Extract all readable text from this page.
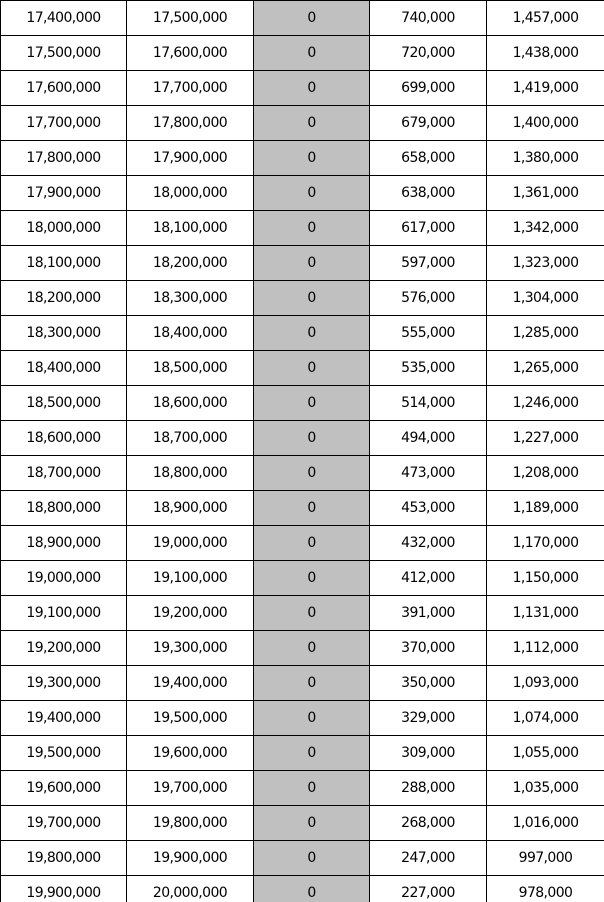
17,400,000	17,500,000	0	740,000	1,457,000
17,500,000	17,600,000	0	720,000	1,438,000
17,600,000	17,700,000	0	699,000	1,419,000
17,700,000	17,800,000	0	679,000	1,400,000
17,800,000	17,900,000	0	658,000	1,380,000
17,900,000	18,000,000	0	638,000	1,361,000
18,000,000	18,100,000	0	617,000	1,342,000
18,100,000	18,200,000	0	597,000	1,323,000
18,200,000	18,300,000	0	576,000	1,304,000
18,300,000	18,400,000	0	555,000	1,285,000
18,400,000	18,500,000	0	535,000	1,265,000
18,500,000	18,600,000	0	514,000	1,246,000
18,600,000	18,700,000	0	494,000	1,227,000
18,700,000	18,800,000	0	473,000	1,208,000
18,800,000	18,900,000	0	453,000	1,189,000
18,900,000	19,000,000	0	432,000	1,170,000
19,000,000	19,100,000	0	412,000	1,150,000
19,100,000	19,200,000	0	391,000	1,131,000
19,200,000	19,300,000	0	370,000	1,112,000
19,300,000	19,400,000	0	350,000	1,093,000
19,400,000	19,500,000	0	329,000	1,074,000
19,500,000	19,600,000	0	309,000	1,055,000
19,600,000	19,700,000	0	288,000	1,035,000
19,700,000	19,800,000	0	268,000	1,016,000
19,800,000	19,900,000	0	247,000	997,000
19,900,000	20,000,000	0	227,000	978,000
